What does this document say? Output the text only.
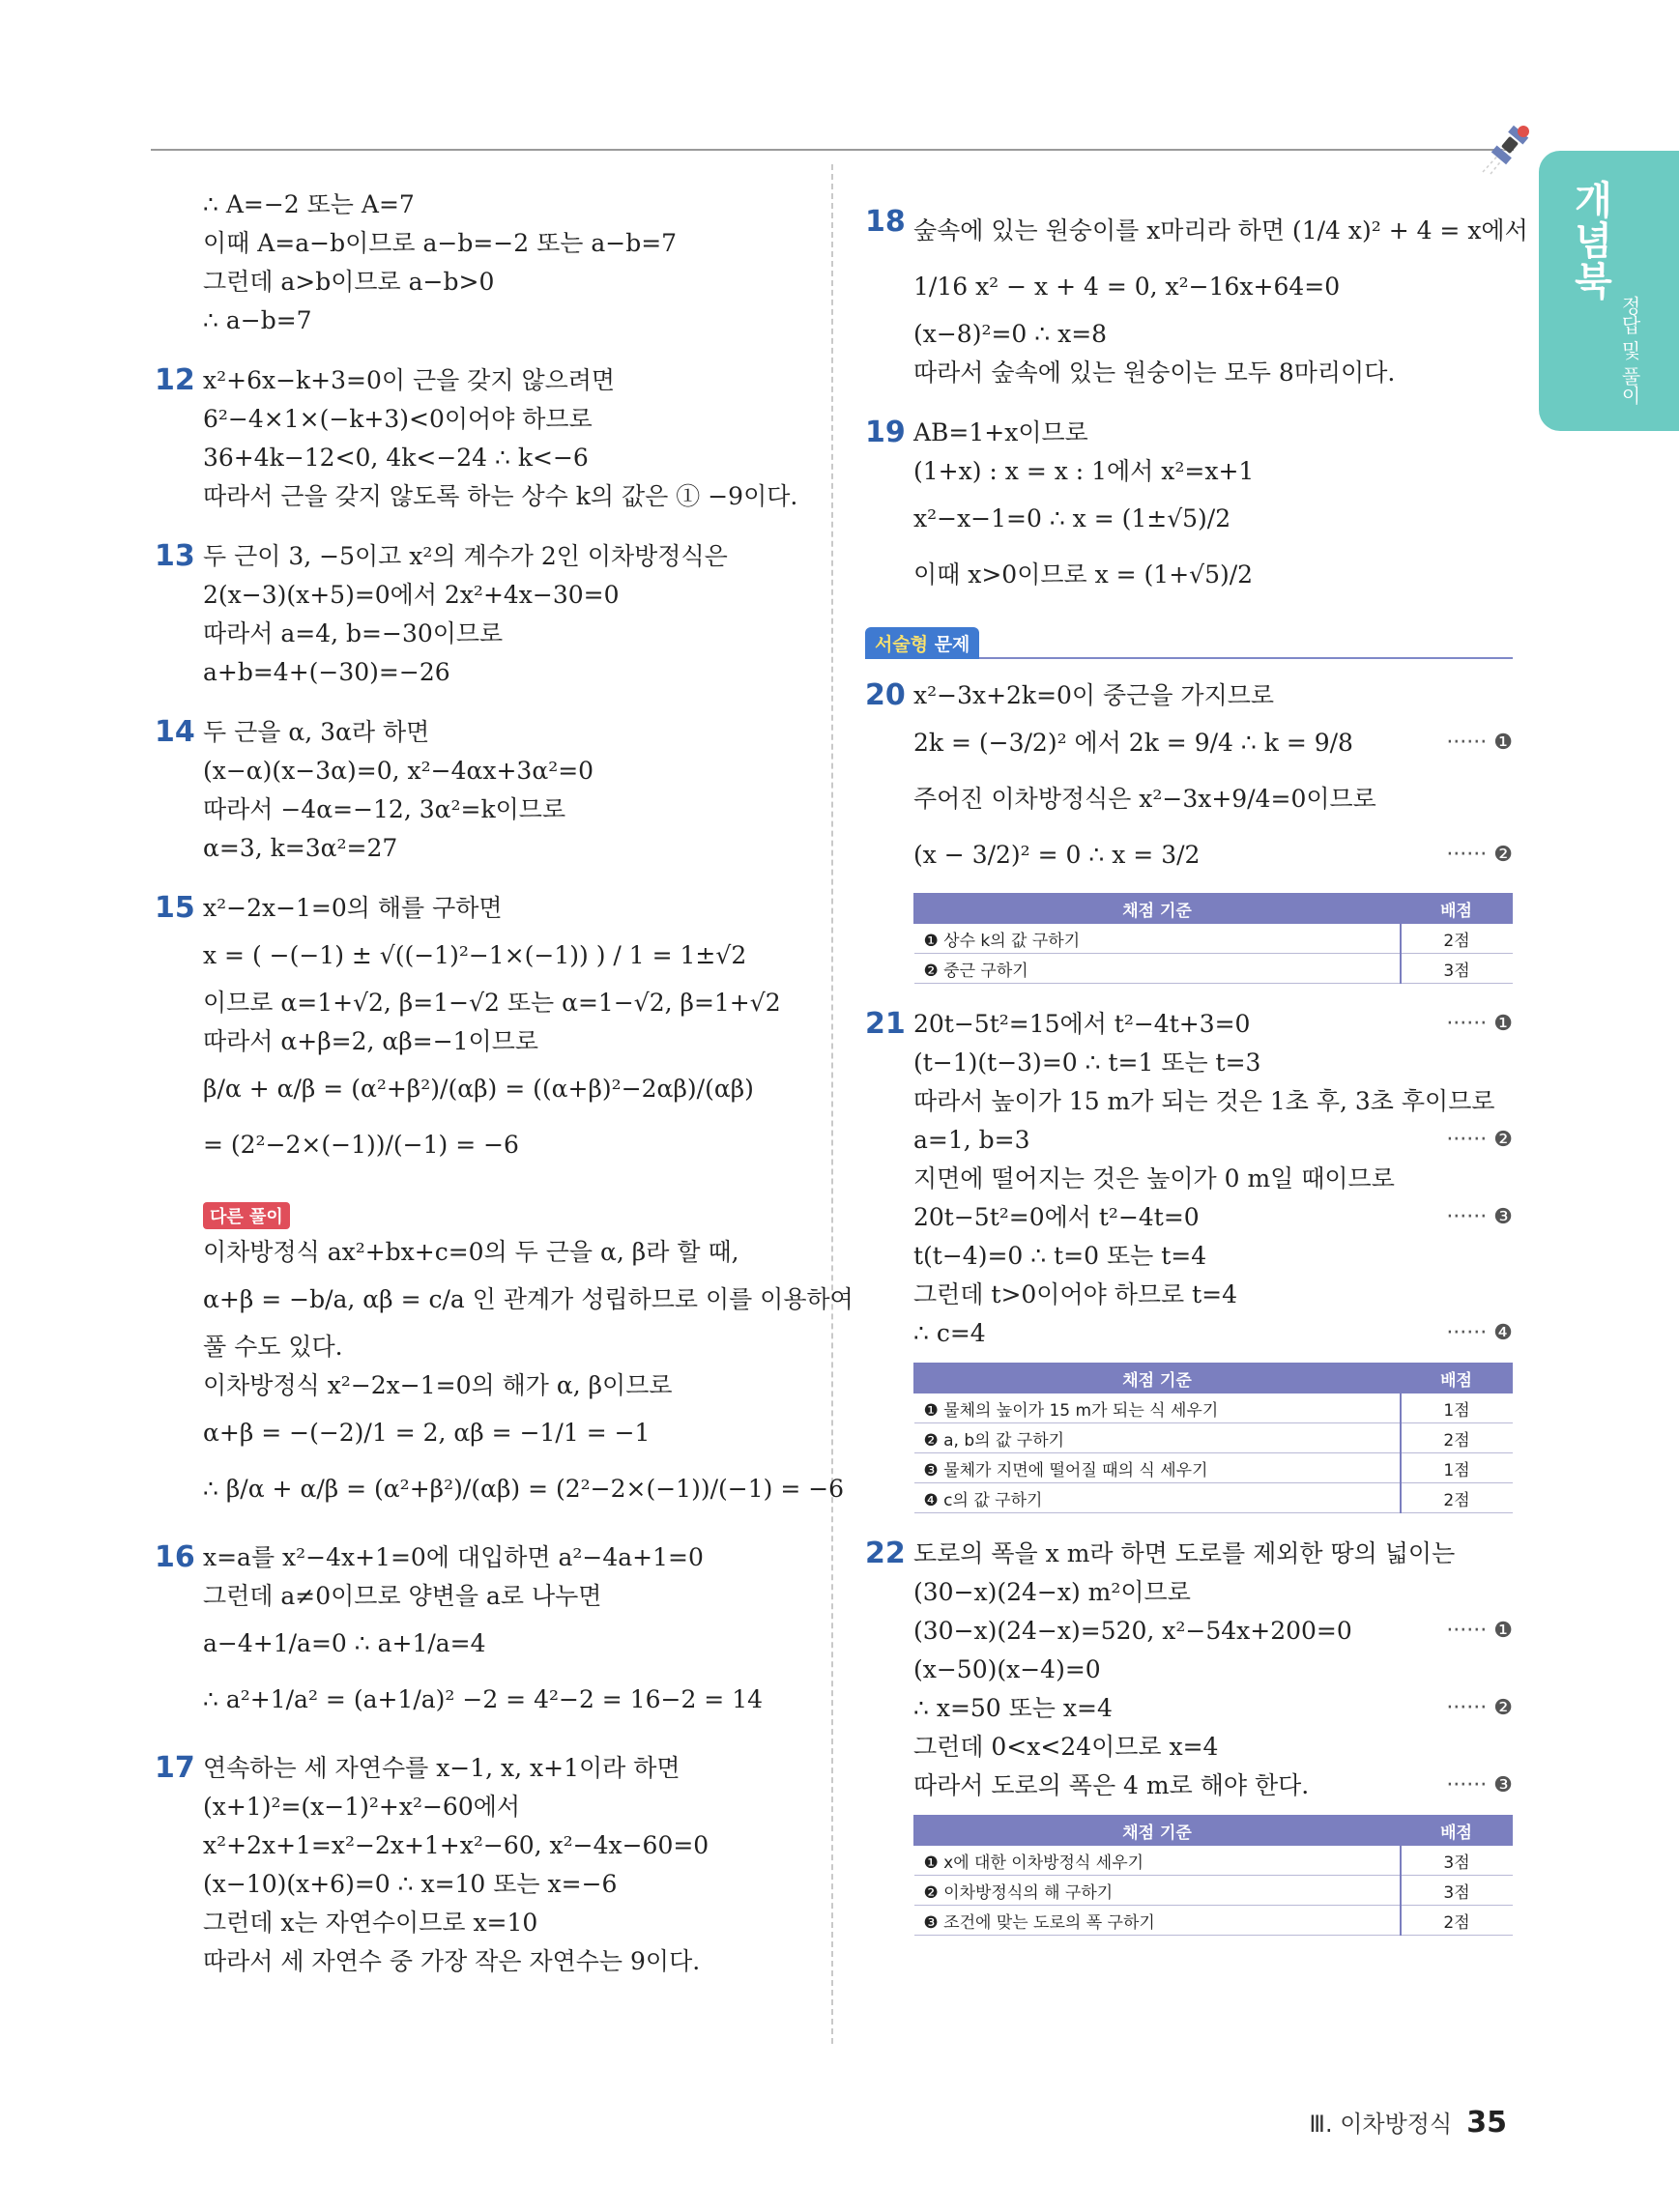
개념북
정답 및 풀이
∴ A=−2 또는 A=7
이때 A=a−b이므로 a−b=−2 또는 a−b=7
그런데 a>b이므로 a−b>0
∴ a−b=7
12 x²+6x−k+3=0이 근을 갖지 않으려면
6²−4×1×(−k+3)<0이어야 하므로
36+4k−12<0, 4k<−24 ∴ k<−6
따라서 근을 갖지 않도록 하는 상수 k의 값은 ① −9이다.
13 두 근이 3, −5이고 x²의 계수가 2인 이차방정식은
2(x−3)(x+5)=0에서 2x²+4x−30=0
따라서 a=4, b=−30이므로
a+b=4+(−30)=−26
14 두 근을 α, 3α라 하면
(x−α)(x−3α)=0, x²−4αx+3α²=0
따라서 −4α=−12, 3α²=k이므로
α=3, k=3α²=27
15 x²−2x−1=0의 해를 구하면
x = ( −(−1) ± √((−1)²−1×(−1)) ) / 1 = 1±√2
이므로 α=1+√2, β=1−√2 또는 α=1−√2, β=1+√2
따라서 α+β=2, αβ=−1이므로
β/α + α/β = (α²+β²)/(αβ) = ((α+β)²−2αβ)/(αβ)
= (2²−2×(−1))/(−1) = −6
다른 풀이
이차방정식 ax²+bx+c=0의 두 근을 α, β라 할 때,
α+β = −b/a, αβ = c/a 인 관계가 성립하므로 이를 이용하여
풀 수도 있다.
이차방정식 x²−2x−1=0의 해가 α, β이므로
α+β = −(−2)/1 = 2, αβ = −1/1 = −1
∴ β/α + α/β = (α²+β²)/(αβ) = (2²−2×(−1))/(−1) = −6
16 x=a를 x²−4x+1=0에 대입하면 a²−4a+1=0
그런데 a≠0이므로 양변을 a로 나누면
a−4+1/a=0 ∴ a+1/a=4
∴ a²+1/a² = (a+1/a)² −2 = 4²−2 = 16−2 = 14
17 연속하는 세 자연수를 x−1, x, x+1이라 하면
(x+1)²=(x−1)²+x²−60에서
x²+2x+1=x²−2x+1+x²−60, x²−4x−60=0
(x−10)(x+6)=0 ∴ x=10 또는 x=−6
그런데 x는 자연수이므로 x=10
따라서 세 자연수 중 가장 작은 자연수는 9이다.
18 숲속에 있는 원숭이를 x마리라 하면 (1/4 x)² + 4 = x에서
1/16 x² − x + 4 = 0, x²−16x+64=0
(x−8)²=0 ∴ x=8
따라서 숲속에 있는 원숭이는 모두 8마리이다.
19 AB=1+x이므로
(1+x) : x = x : 1에서 x²=x+1
x²−x−1=0 ∴ x = (1±√5)/2
이때 x>0이므로 x = (1+√5)/2
서술형 문제
20 x²−3x+2k=0이 중근을 가지므로
2k = (−3/2)² 에서 2k = 9/4 ∴ k = 9/8	······ ❶
주어진 이차방정식은 x²−3x+9/4=0이므로
(x − 3/2)² = 0 ∴ x = 3/2	······ ❷
채점 기준	배점
❶ 상수 k의 값 구하기	2점
❷ 중근 구하기	3점
21 20t−5t²=15에서 t²−4t+3=0	······ ❶
(t−1)(t−3)=0 ∴ t=1 또는 t=3
따라서 높이가 15 m가 되는 것은 1초 후, 3초 후이므로
a=1, b=3	······ ❷
지면에 떨어지는 것은 높이가 0 m일 때이므로
20t−5t²=0에서 t²−4t=0	······ ❸
t(t−4)=0 ∴ t=0 또는 t=4
그런데 t>0이어야 하므로 t=4
∴ c=4	······ ❹
채점 기준	배점
❶ 물체의 높이가 15 m가 되는 식 세우기	1점
❷ a, b의 값 구하기	2점
❸ 물체가 지면에 떨어질 때의 식 세우기	1점
❹ c의 값 구하기	2점
22 도로의 폭을 x m라 하면 도로를 제외한 땅의 넓이는
(30−x)(24−x) m²이므로
(30−x)(24−x)=520, x²−54x+200=0	······ ❶
(x−50)(x−4)=0
∴ x=50 또는 x=4	······ ❷
그런데 0<x<24이므로 x=4
따라서 도로의 폭은 4 m로 해야 한다.	······ ❸
채점 기준	배점
❶ x에 대한 이차방정식 세우기	3점
❷ 이차방정식의 해 구하기	3점
❸ 조건에 맞는 도로의 폭 구하기	2점
Ⅲ. 이차방정식 35
